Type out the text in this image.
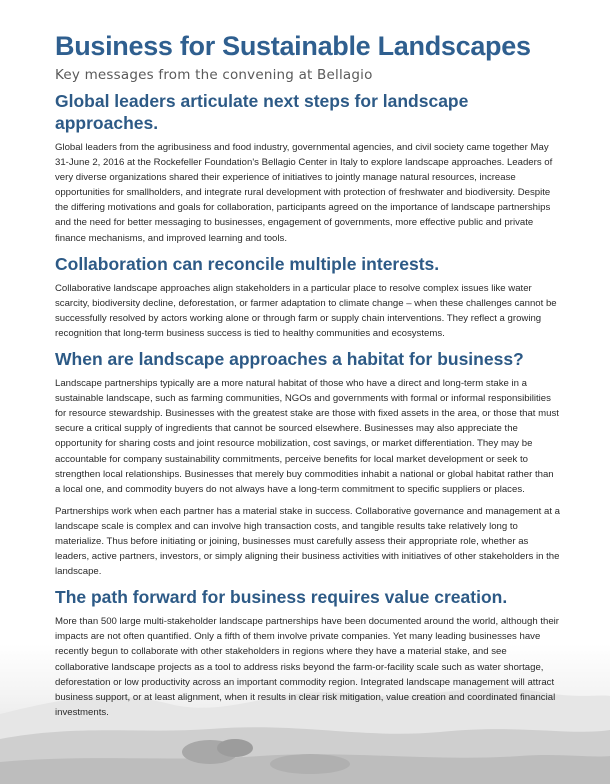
Business for Sustainable Landscapes
Key messages from the convening at Bellagio
Global leaders articulate next steps for landscape approaches.

Global leaders from the agribusiness and food industry, governmental agencies, and civil society came together May 31-June 2, 2016 at the Rockefeller Foundation's Bellagio Center in Italy to explore landscape approaches. Leaders of very diverse organizations shared their experience of initiatives to jointly manage natural resources, increase opportunities for smallholders, and integrate rural development with protection of freshwater and biodiversity. Despite the differing motivations and goals for collaboration, participants agreed on the importance of landscape partnerships and the need for better messaging to businesses, engagement of governments, more effective public and private finance mechanisms, and improved learning and tools.

Collaboration can reconcile multiple interests.

Collaborative landscape approaches align stakeholders in a particular place to resolve complex issues like water scarcity, biodiversity decline, deforestation, or farmer adaptation to climate change – when these challenges cannot be successfully resolved by actors working alone or through farm or supply chain interventions. They reflect a growing recognition that long-term business success is tied to healthy communities and ecosystems.

When are landscape approaches a habitat for business?

Landscape partnerships typically are a more natural habitat of those who have a direct and long-term stake in a sustainable landscape, such as farming communities, NGOs and governments with formal or informal responsibilities for resource stewardship. Businesses with the greatest stake are those with fixed assets in the area, or those that must secure a critical supply of ingredients that cannot be sourced elsewhere. Businesses may also appreciate the opportunity for sharing costs and joint resource mobilization, cost savings, or market differentiation. They may be accountable for company sustainability commitments, perceive benefits for local market development or seek to strengthen local relationships. Businesses that merely buy commodities inhabit a national or global habitat rather than a local one, and commodity buyers do not always have a long-term commitment to specific suppliers or places.

Partnerships work when each partner has a material stake in success. Collaborative governance and management at a landscape scale is complex and can involve high transaction costs, and tangible results take relatively long to materialize. Thus before initiating or joining, businesses must carefully assess their appropriate role, whether as leaders, active partners, investors, or simply aligning their business activities with initiatives of other stakeholders in the landscape.

The path forward for business requires value creation.

More than 500 large multi-stakeholder landscape partnerships have been documented around the world, although their impacts are not often quantified. Only a fifth of them involve private companies. Yet many leading businesses have recently begun to collaborate with other stakeholders in regions where they have a material stake, and see collaborative landscape projects as a tool to address risks beyond the farm-or-facility scale such as water shortage, deforestation or low productivity across an important commodity region. Integrated landscape management will attract business support, or at least alignment, when it results in clear risk mitigation, value creation and coordinated financial investments.
